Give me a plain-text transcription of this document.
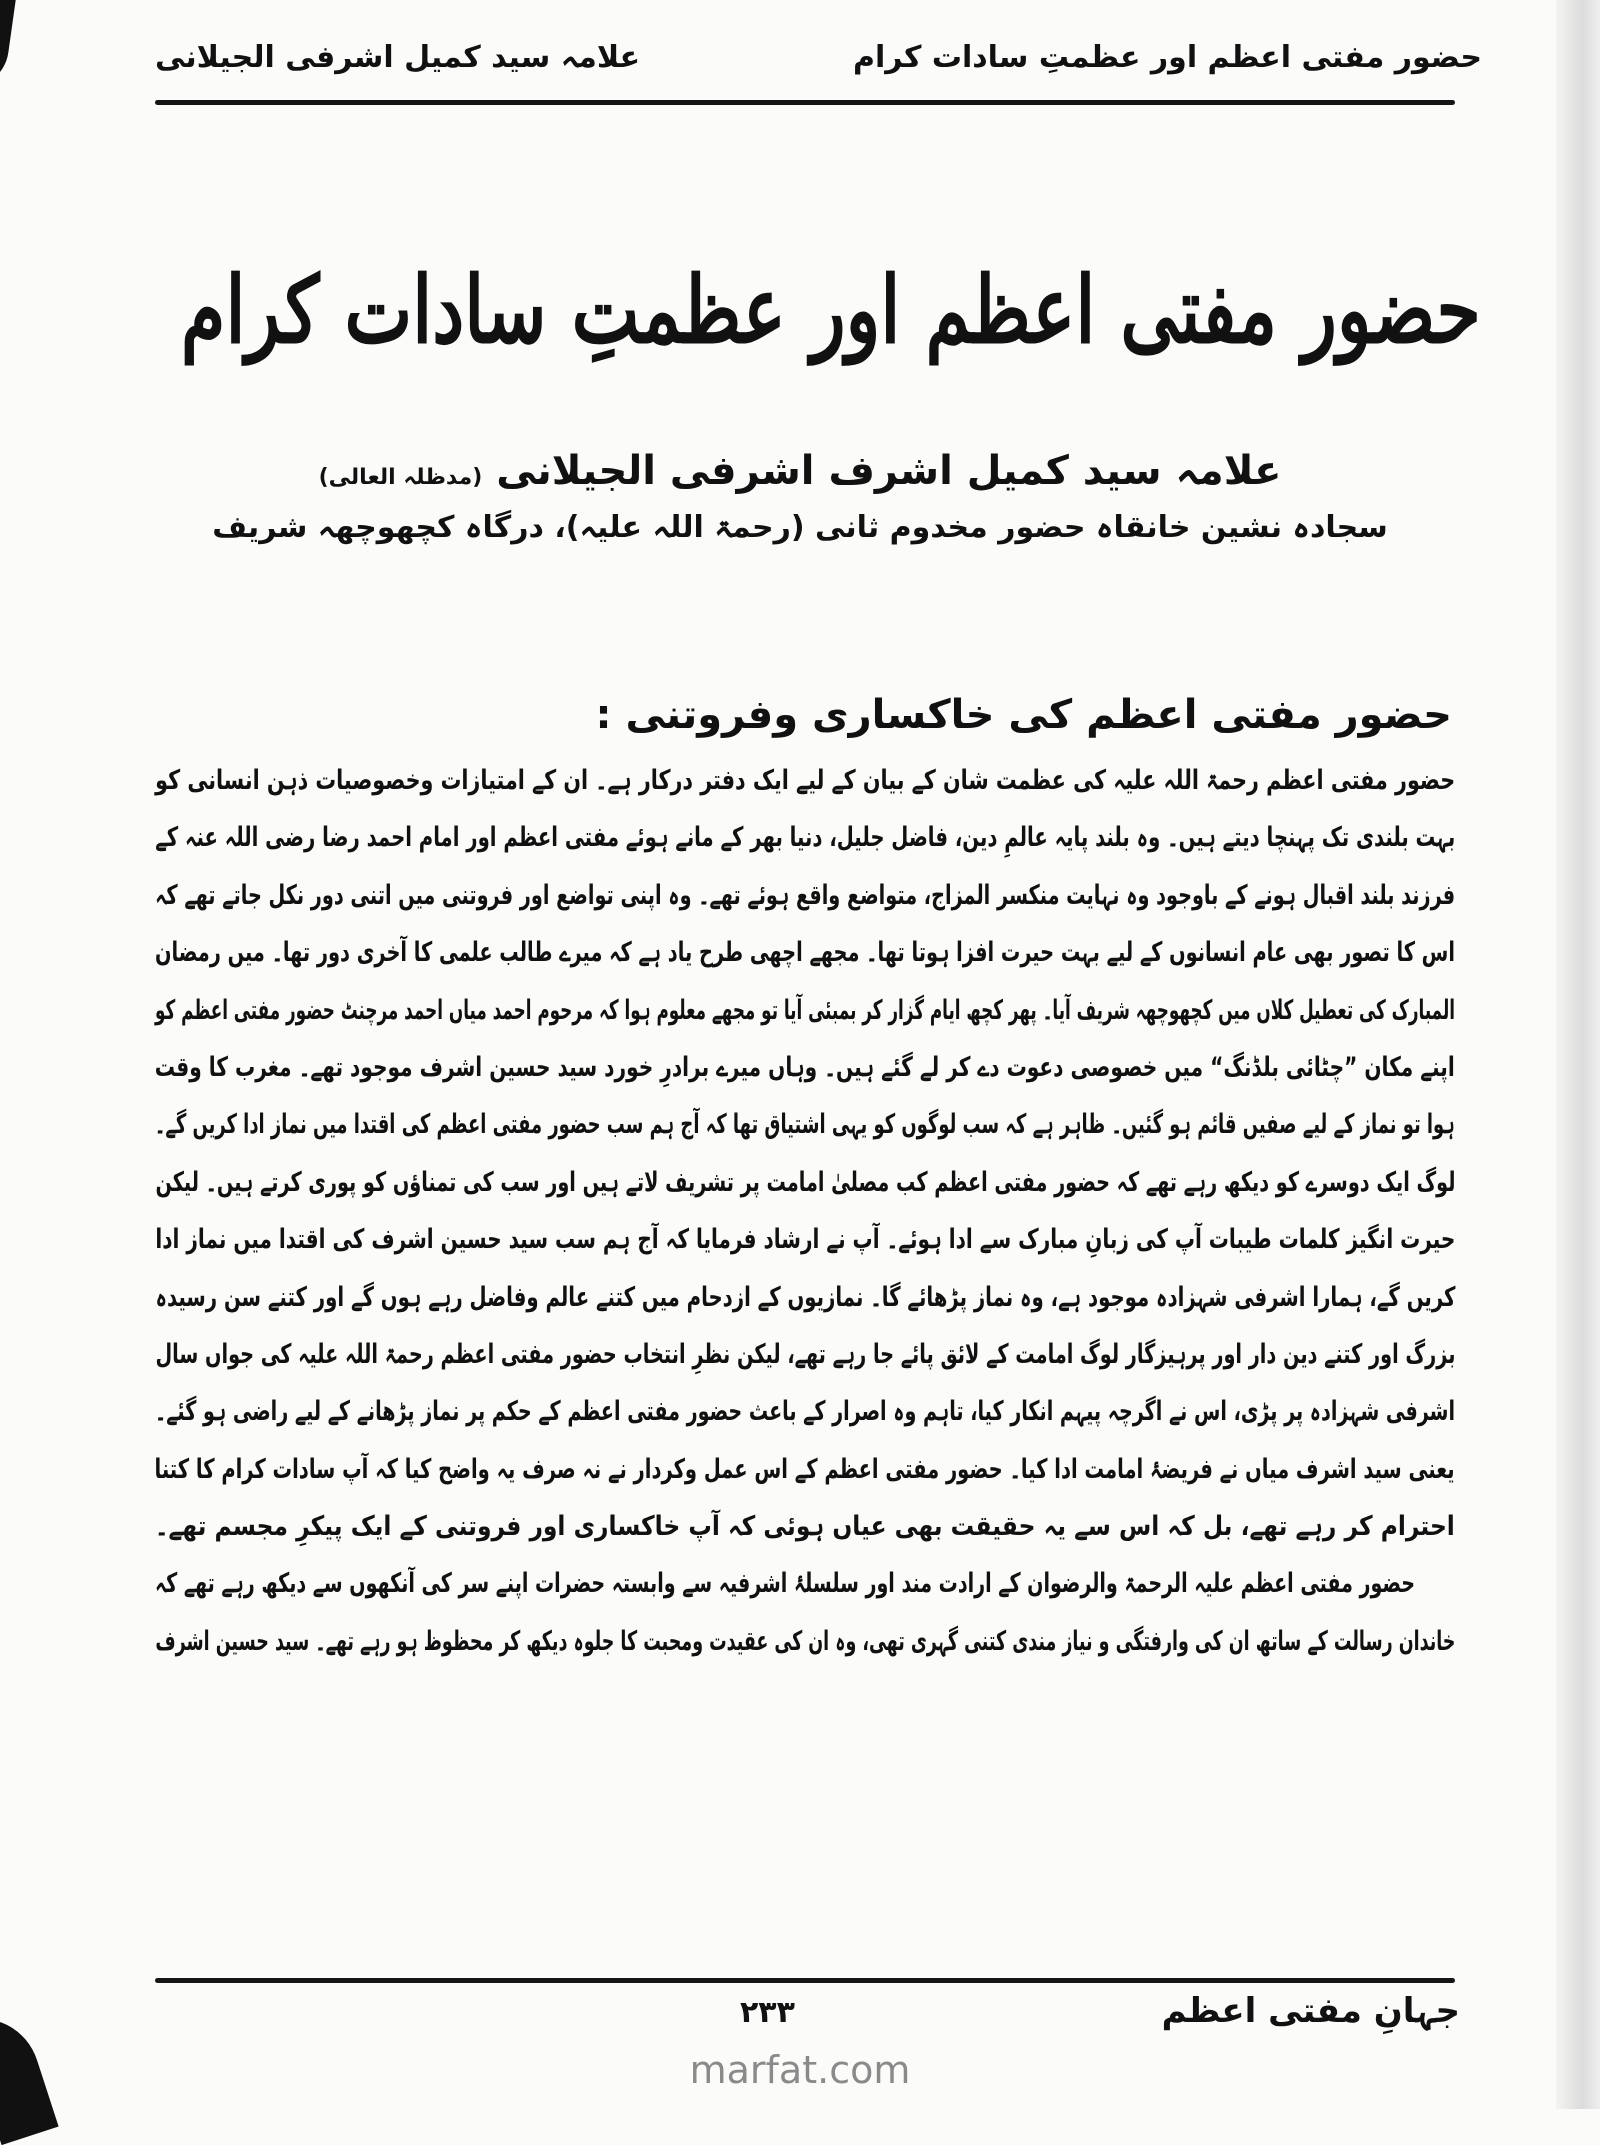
حضور مفتی اعظم اور عظمتِ سادات کرام
علامہ سید کمیل اشرفی الجیلانی
حضور مفتی اعظم اور عظمتِ سادات کرام
علامہ سید کمیل اشرف اشرفی الجیلانی (مدظلہ العالی)
سجادہ نشین خانقاہ حضور مخدوم ثانی (رحمۃ اللہ علیہ)، درگاہ کچھوچھہ شریف
حضور مفتی اعظم کی خاکساری وفروتنی :
حضور مفتی اعظم رحمۃ اللہ علیہ کی عظمت شان کے بیان کے لیے ایک دفتر درکار ہے۔ ان کے امتیازات وخصوصیات ذہن انسانی کو
بہت بلندی تک پہنچا دیتے ہیں۔ وہ بلند پایہ عالمِ دین، فاضل جلیل، دنیا بھر کے مانے ہوئے مفتی اعظم اور امام احمد رضا رضی اللہ عنہ کے
فرزند بلند اقبال ہونے کے باوجود وہ نہایت منکسر المزاج، متواضع واقع ہوئے تھے۔ وہ اپنی تواضع اور فروتنی میں اتنی دور نکل جاتے تھے کہ
اس کا تصور بھی عام انسانوں کے لیے بہت حیرت افزا ہوتا تھا۔ مجھے اچھی طرح یاد ہے کہ میرے طالب علمی کا آخری دور تھا۔ میں رمضان
المبارک کی تعطیل کلاں میں کچھوچھہ شریف آیا۔ پھر کچھ ایام گزار کر بمبئی آیا تو مجھے معلوم ہوا کہ مرحوم احمد میاں احمد مرچنٹ حضور مفتی اعظم کو
اپنے مکان ”چٹائی بلڈنگ“ میں خصوصی دعوت دے کر لے گئے ہیں۔ وہاں میرے برادرِ خورد سید حسین اشرف موجود تھے۔ مغرب کا وقت
ہوا تو نماز کے لیے صفیں قائم ہو گئیں۔ ظاہر ہے کہ سب لوگوں کو یہی اشتیاق تھا کہ آج ہم سب حضور مفتی اعظم کی اقتدا میں نماز ادا کریں گے۔
لوگ ایک دوسرے کو دیکھ رہے تھے کہ حضور مفتی اعظم کب مصلیٰ امامت پر تشریف لاتے ہیں اور سب کی تمناؤں کو پوری کرتے ہیں۔ لیکن
حیرت انگیز کلمات طیبات آپ کی زبانِ مبارک سے ادا ہوئے۔ آپ نے ارشاد فرمایا کہ آج ہم سب سید حسین اشرف کی اقتدا میں نماز ادا
کریں گے، ہمارا اشرفی شہزادہ موجود ہے، وہ نماز پڑھائے گا۔ نمازیوں کے ازدحام میں کتنے عالم وفاضل رہے ہوں گے اور کتنے سن رسیدہ
بزرگ اور کتنے دین دار اور پرہیزگار لوگ امامت کے لائق پائے جا رہے تھے، لیکن نظرِ انتخاب حضور مفتی اعظم رحمۃ اللہ علیہ کی جواں سال
اشرفی شہزادہ پر پڑی، اس نے اگرچہ پیہم انکار کیا، تاہم وہ اصرار کے باعث حضور مفتی اعظم کے حکم پر نماز پڑھانے کے لیے راضی ہو گئے۔
یعنی سید اشرف میاں نے فریضۂ امامت ادا کیا۔ حضور مفتی اعظم کے اس عمل وکردار نے نہ صرف یہ واضح کیا کہ آپ سادات کرام کا کتنا
احترام کر رہے تھے، بل کہ اس سے یہ حقیقت بھی عیاں ہوئی کہ آپ خاکساری اور فروتنی کے ایک پیکرِ مجسم تھے۔
حضور مفتی اعظم علیہ الرحمۃ والرضوان کے ارادت مند اور سلسلۂ اشرفیہ سے وابستہ حضرات اپنے سر کی آنکھوں سے دیکھ رہے تھے کہ
خاندان رسالت کے ساتھ ان کی وارفتگی و نیاز مندی کتنی گہری تھی، وہ ان کی عقیدت ومحبت کا جلوہ دیکھ کر محظوظ ہو رہے تھے۔ سید حسین اشرف
جہانِ مفتی اعظم
۲۳۳
marfat.com
